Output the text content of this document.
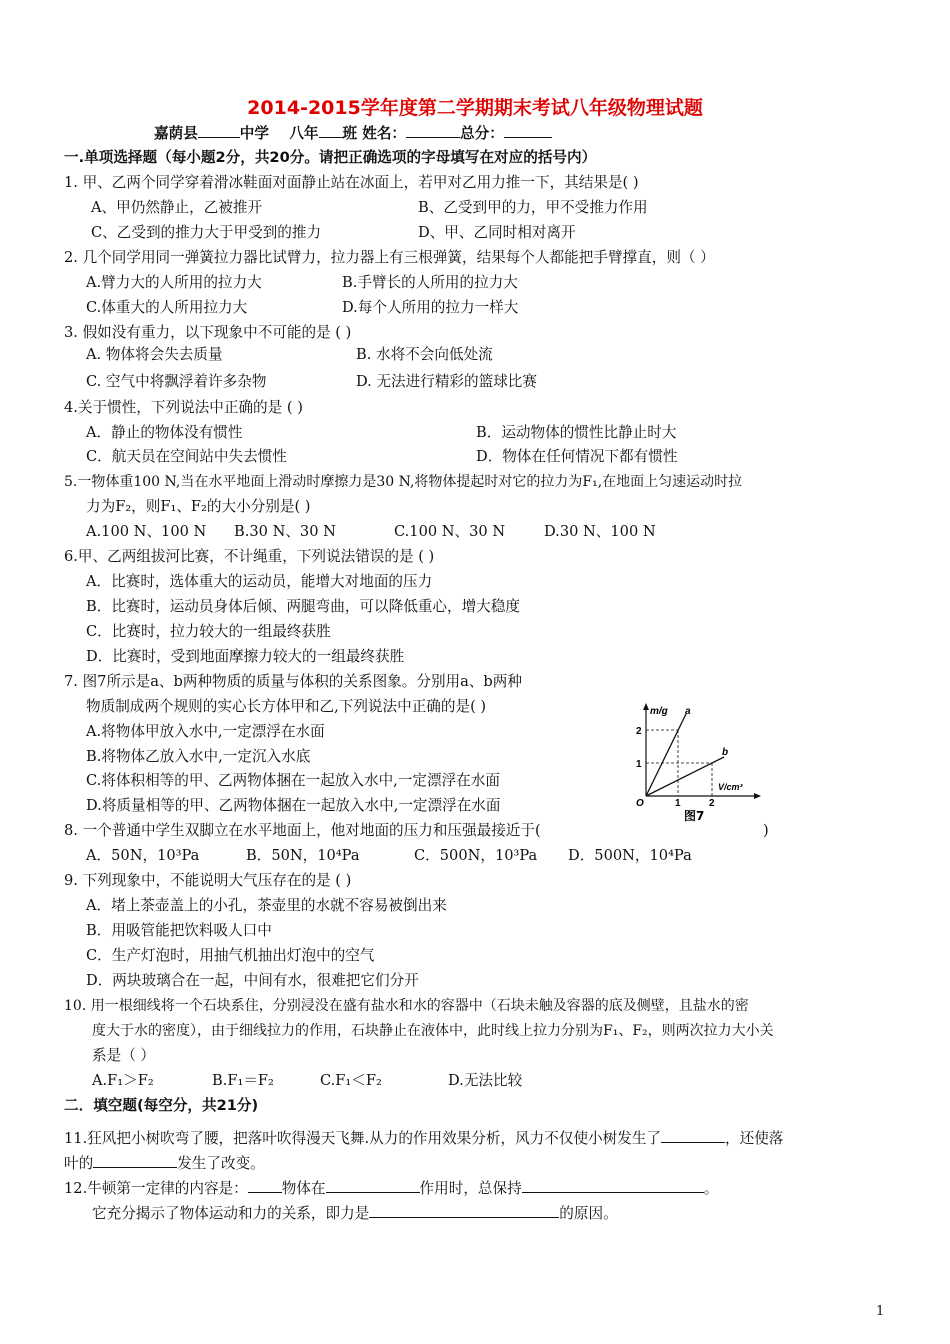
2014-2015学年度第二学期期末考试八年级物理试题
嘉荫县	中学 八年 班 姓名：	总分：
一.单项选择题（每小题2分，共20分。请把正确选项的字母填写在对应的括号内）
1. 甲、乙两个同学穿着滑冰鞋面对面静止站在冰面上，若甲对乙用力推一下，其结果是( )
A、甲仍然静止，乙被推开	B、乙受到甲的力，甲不受推力作用
C、乙受到的推力大于甲受到的推力	D、甲、乙同时相对离开
2. 几个同学用同一弹簧拉力器比试臂力，拉力器上有三根弹簧，结果每个人都能把手臂撑直，则（ ）
A.臂力大的人所用的拉力大	B.手臂长的人所用的拉力大
C.体重大的人所用拉力大	D.每个人所用的拉力一样大
3. 假如没有重力，以下现象中不可能的是 ( )
A. 物体将会失去质量	B. 水将不会向低处流
C. 空气中将飘浮着许多杂物	D. 无法进行精彩的篮球比赛
4.关于惯性，下列说法中正确的是 ( )
A．静止的物体没有惯性	B．运动物体的惯性比静止时大
C．航天员在空间站中失去惯性	D．物体在任何情况下都有惯性
5.一物体重100 N,当在水平地面上滑动时摩擦力是30 N,将物体提起时对它的拉力为F₁,在地面上匀速运动时拉
力为F₂，则F₁、F₂的大小分别是( )
A.100 N、100 N B.30 N、30 N	C.100 N、30 N	D.30 N、100 N
6.甲、乙两组拔河比赛，不计绳重，下列说法错误的是 ( )
A．比赛时，选体重大的运动员，能增大对地面的压力
B．比赛时，运动员身体后倾、两腿弯曲，可以降低重心，增大稳度
C．比赛时，拉力较大的一组最终获胜
D．比赛时，受到地面摩擦力较大的一组最终获胜
7. 图7所示是a、b两种物质的质量与体积的关系图象。分别用a、b两种
物质制成两个规则的实心长方体甲和乙,下列说法中正确的是( )
A.将物体甲放入水中,一定漂浮在水面
B.将物体乙放入水中,一定沉入水底
C.将体积相等的甲、乙两物体捆在一起放入水中,一定漂浮在水面
D.将质量相等的甲、乙两物体捆在一起放入水中,一定漂浮在水面
m/g
V/cm³
O
1
2
1	2
a
b
图7
8. 一个普通中学生双脚立在水平地面上，他对地面的压力和压强最接近于(	)
A．50N，10³Pa	B．50N，10⁴Pa	C．500N，10³Pa D．500N，10⁴Pa
9. 下列现象中，不能说明大气压存在的是 ( )
A．堵上茶壶盖上的小孔，茶壶里的水就不容易被倒出来
B．用吸管能把饮料吸人口中
C．生产灯泡时，用抽气机抽出灯泡中的空气
D．两块玻璃合在一起，中间有水，很难把它们分开
10. 用一根细线将一个石块系住，分别浸没在盛有盐水和水的容器中（石块未触及容器的底及侧壁，且盐水的密
度大于水的密度），由于细线拉力的作用，石块静止在液体中，此时线上拉力分别为F₁、F₂，则两次拉力大小关
系是（ ）
A.F₁＞F₂	B.F₁＝F₂	C.F₁＜F₂	D.无法比较
二．填空题(每空分，共21分)
11.狂风把小树吹弯了腰，把落叶吹得漫天飞舞.从力的作用效果分析，风力不仅使小树发生了	，还使落
叶的	发生了改变。
12.牛顿第一定律的内容是： 物体在	作用时，总保持	。
它充分揭示了物体运动和力的关系，即力是	的原因。
1
